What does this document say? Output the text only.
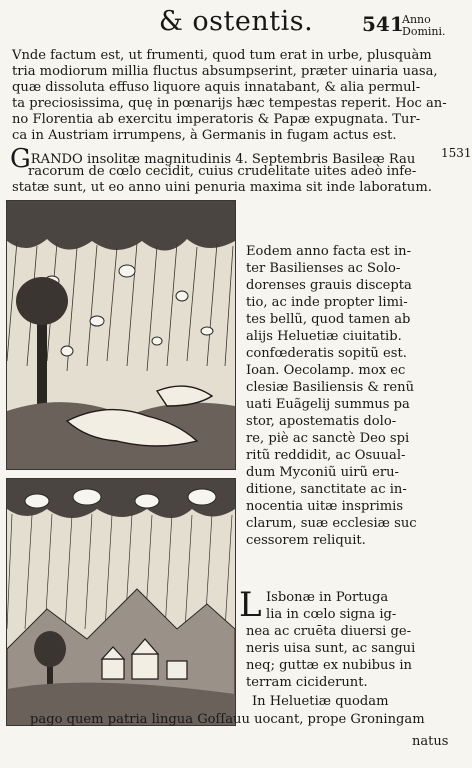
& ostentis.	541
Anno Domini.
Vnde factum est, ut frumenti, quod tum erat in urbe, plusquàm
tria modiorum millia fluctus absumpserint, præter uinaria uasa,
quæ dissoluta effuso liquore aquis innatabant, & alia permul-
ta preciosissima, quę in pœnarijs hæc tempestas reperit. Hoc an-
no Florentia ab exercitu imperatoris & Papæ expugnata. Tur-
ca in Austriam irrumpens, à Germanis in fugam actus est.
GRANDO insolitæ magnitudinis 4. Septembris Basileæ Rau
racorum de cœlo cecidit, cuius crudelitate uites adeò infe-
statæ sunt, ut eo anno uini penuria maxima sit inde laboratum.
1531
Eodem anno facta est in-
ter Basilienses ac Solo-
dorenses grauis discepta
tio, ac inde propter limi-
tes bellũ, quod tamen ab
alijs Heluetiæ ciuitatib.
confœderatis sopitũ est.
Ioan. Oecolamp. mox ec
clesiæ Basiliensis & renũ
uati Euãgelij summus pa
stor, apostematis dolo-
re, piè ac sanctè Deo spi
ritũ reddidit, ac Osuual-
dum Myconiũ uirũ eru-
ditione, sanctitate ac in-
nocentia uitæ insprimis
clarum, suæ ecclesiæ suc
cessorem reliquit.
L Isbonæ in Portuga
lia in cœlo signa ig-
nea ac cruēta diuersi ge-
neris uisa sunt, ac sangui
neq; guttæ ex nubibus in
terram ciciderunt.
In Heluetiæ quodam
pago quem patria lingua Goſſauu uocant, prope Groningam
natus
